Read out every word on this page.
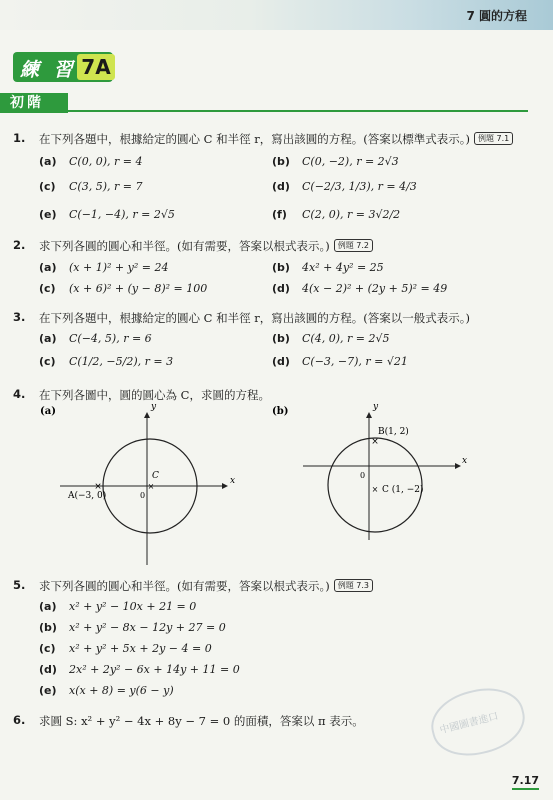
7 圓的方程
練 習 7A
初階
1. 在下列各題中，根據給定的圓心 C 和半徑 r，寫出該圓的方程。(答案以標準式表示。) 例題 7.1
(a) C(0, 0), r = 4	(b) C(0, −2), r = 2√3
(c) C(3, 5), r = 7	(d) C(−2/3, 1/3), r = 4/3
(e) C(−1, −4), r = 2√5	(f) C(2, 0), r = 3√2/2
2. 求下列各圓的圓心和半徑。(如有需要，答案以根式表示。) 例題 7.2
(a) (x + 1)² + y² = 24	(b) 4x² + 4y² = 25
(c) (x + 6)² + (y − 8)² = 100	(d) 4(x − 2)² + (2y + 5)² = 49
3. 在下列各題中，根據給定的圓心 C 和半徑 r，寫出該圓的方程。(答案以一般式表示。)
(a) C(−4, 5), r = 6	(b) C(4, 0), r = 2√5
(c) C(1/2, −5/2), r = 3	(d) C(−3, −7), r = √21
4. 在下列各圖中，圓的圓心為 C，求圓的方程。
(a)	y
x
0
C
A(−3, 0)
×	×
(b)	y
x
0
B(1, 2)
×
× C (1, −2)
5. 求下列各圓的圓心和半徑。(如有需要，答案以根式表示。) 例題 7.3
(a) x² + y² − 10x + 21 = 0
(b) x² + y² − 8x − 12y + 27 = 0
(c) x² + y² + 5x + 2y − 4 = 0
(d) 2x² + 2y² − 6x + 14y + 11 = 0
(e) x(x + 8) = y(6 − y)
6. 求圓 S: x² + y² − 4x + 8y − 7 = 0 的面積，答案以 π 表示。	中國圖書進口
7.17
